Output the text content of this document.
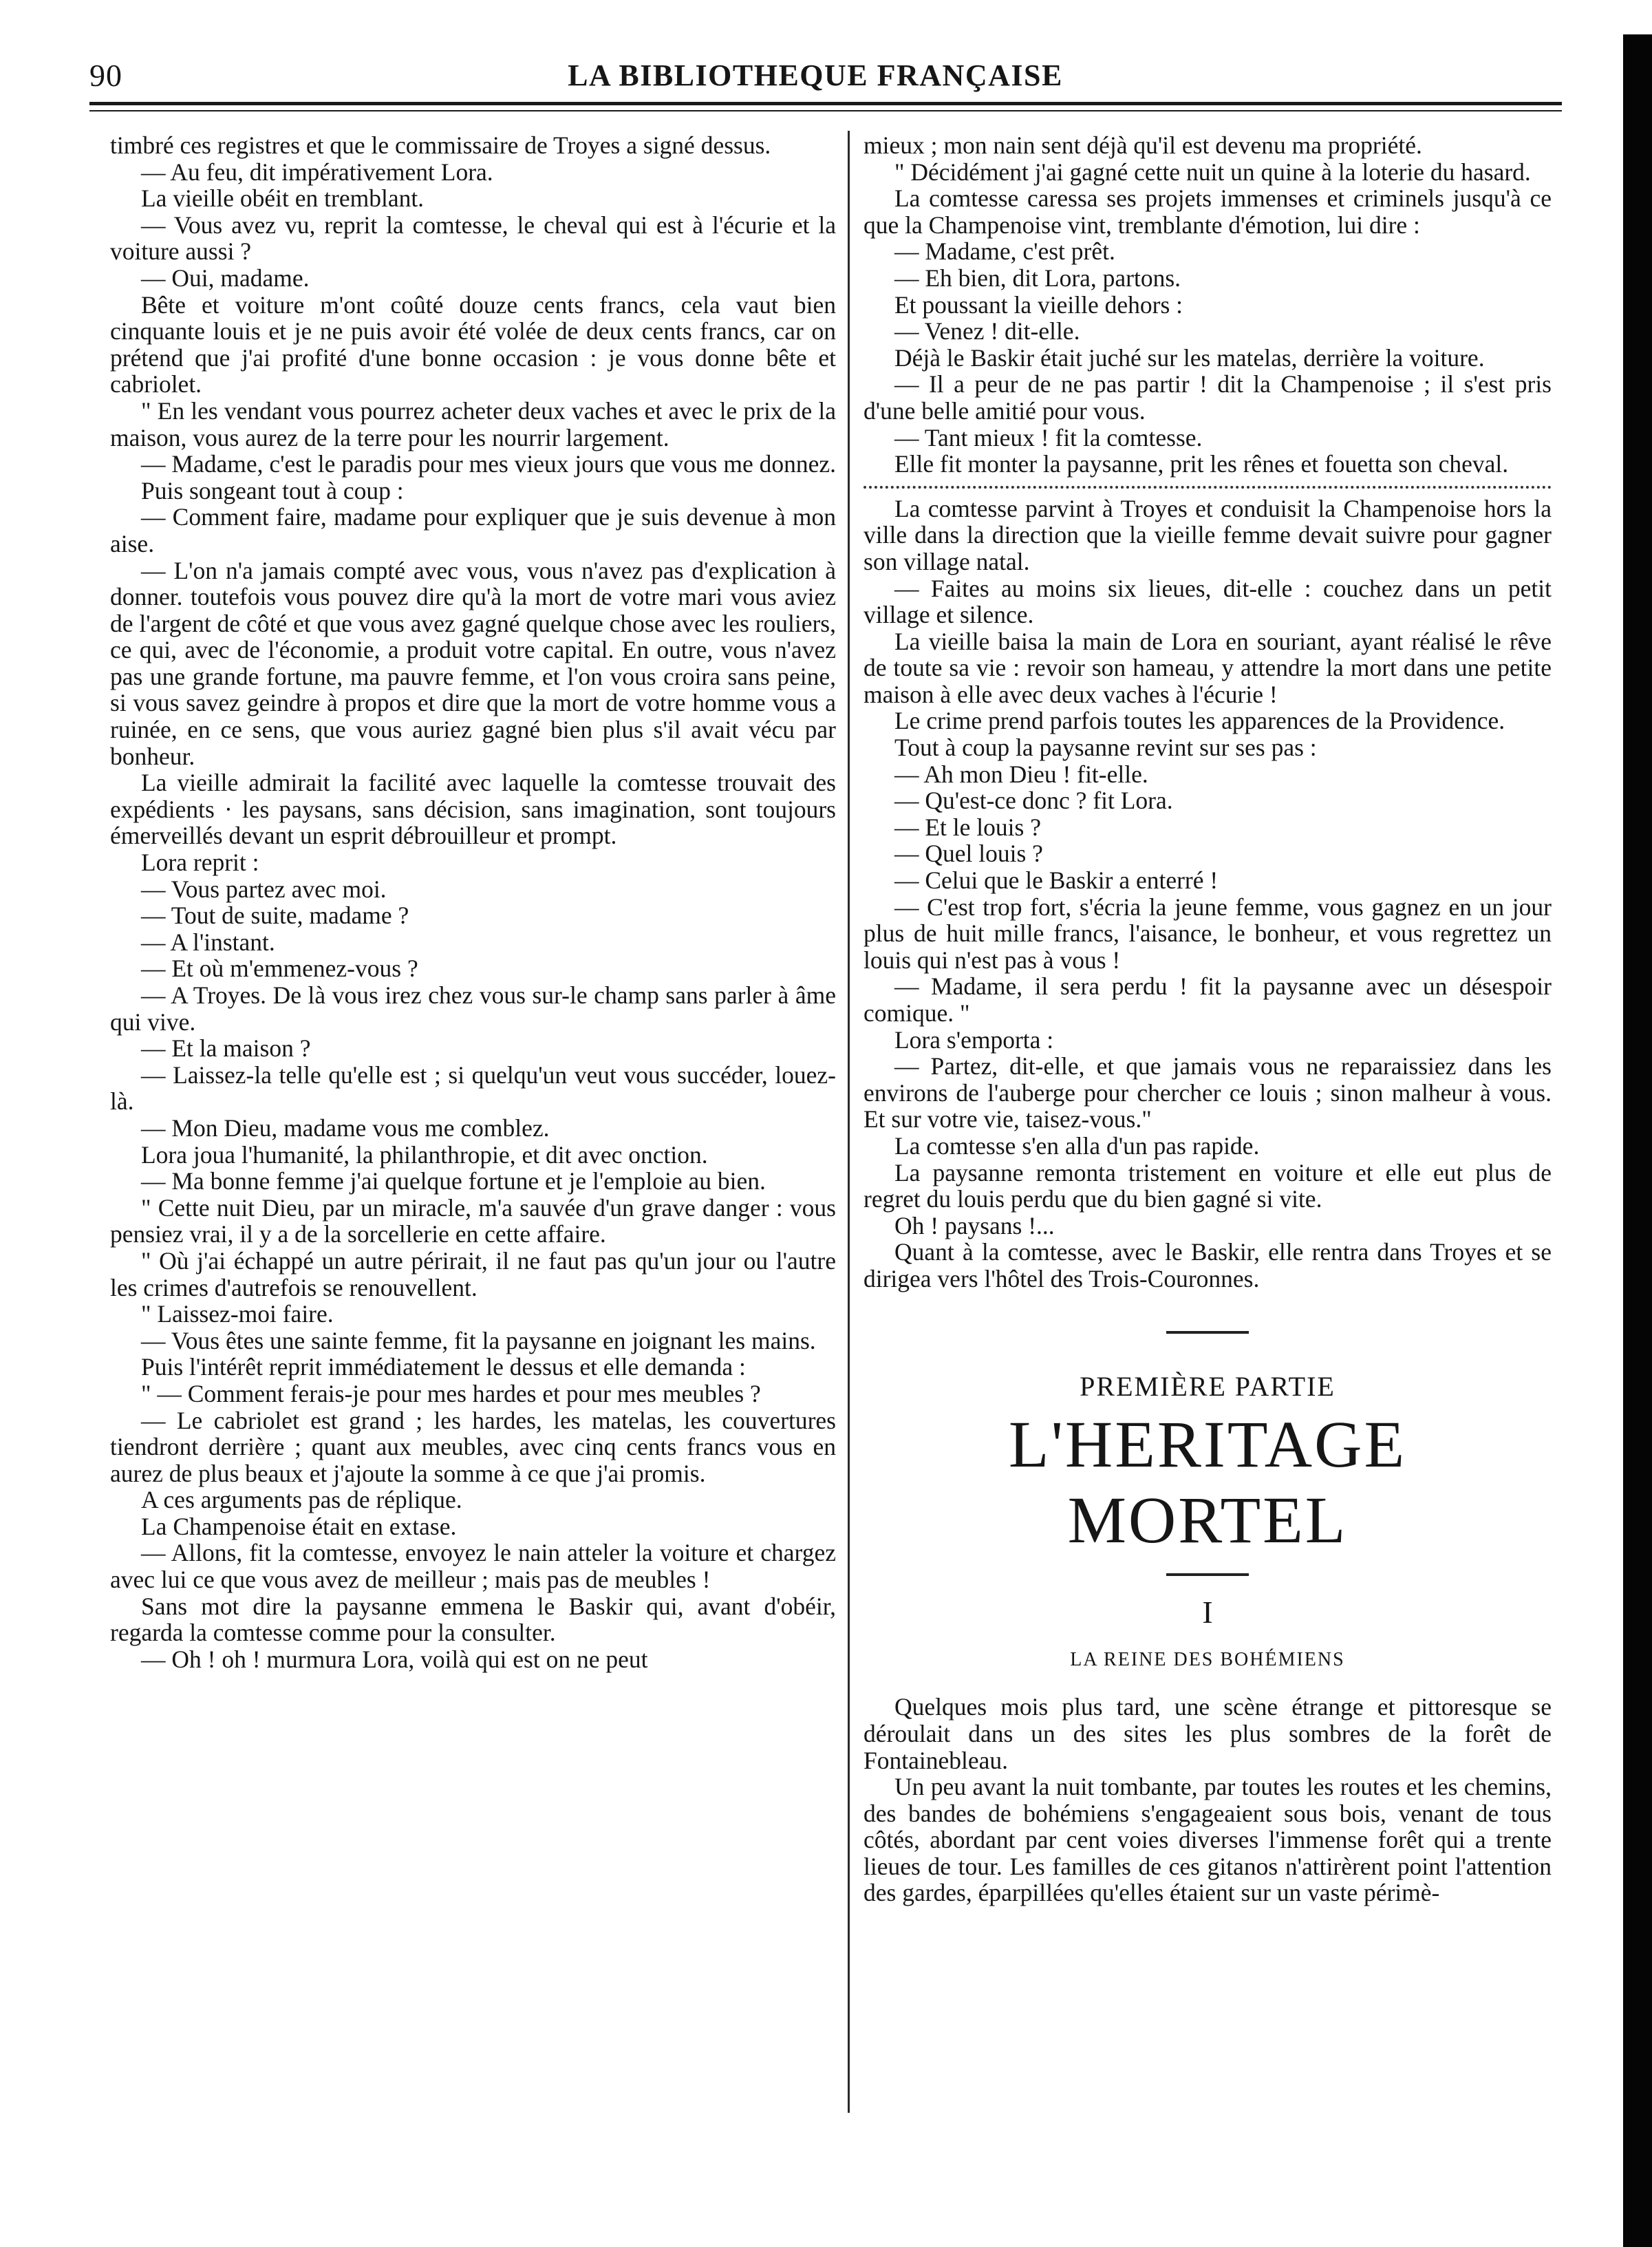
90	LA BIBLIOTHEQUE FRANÇAISE

timbré ces registres et que le commissaire de Troyes a signé dessus.

— Au feu, dit impérativement Lora.

La vieille obéit en tremblant.

— Vous avez vu, reprit la comtesse, le cheval qui est à l'écurie et la voiture aussi ?

— Oui, madame.

Bête et voiture m'ont coûté douze cents francs, cela vaut bien cinquante louis et je ne puis avoir été volée de deux cents francs, car on prétend que j'ai profité d'une bonne occasion : je vous donne bête et cabriolet.

" En les vendant vous pourrez acheter deux vaches et avec le prix de la maison, vous aurez de la terre pour les nourrir largement.

— Madame, c'est le paradis pour mes vieux jours que vous me donnez.

Puis songeant tout à coup :

— Comment faire, madame pour expliquer que je suis devenue à mon aise.

— L'on n'a jamais compté avec vous, vous n'avez pas d'explication à donner. toutefois vous pouvez dire qu'à la mort de votre mari vous aviez de l'argent de côté et que vous avez gagné quelque chose avec les rouliers, ce qui, avec de l'économie, a produit votre capital. En outre, vous n'avez pas une grande fortune, ma pauvre femme, et l'on vous croira sans peine, si vous savez geindre à propos et dire que la mort de votre homme vous a ruinée, en ce sens, que vous auriez gagné bien plus s'il avait vécu par bonheur.

La vieille admirait la facilité avec laquelle la comtesse trouvait des expédients · les paysans, sans décision, sans imagination, sont toujours émerveillés devant un esprit débrouilleur et prompt.

Lora reprit :

— Vous partez avec moi.

— Tout de suite, madame ?

— A l'instant.

— Et où m'emmenez-vous ?

— A Troyes. De là vous irez chez vous sur-le champ sans parler à âme qui vive.

— Et la maison ?

— Laissez-la telle qu'elle est ; si quelqu'un veut vous succéder, louez-là.

— Mon Dieu, madame vous me comblez.

Lora joua l'humanité, la philanthropie, et dit avec onction.

— Ma bonne femme j'ai quelque fortune et je l'emploie au bien.

" Cette nuit Dieu, par un miracle, m'a sauvée d'un grave danger : vous pensiez vrai, il y a de la sorcellerie en cette affaire.

" Où j'ai échappé un autre périrait, il ne faut pas qu'un jour ou l'autre les crimes d'autrefois se renouvellent.

" Laissez-moi faire.

— Vous êtes une sainte femme, fit la paysanne en joignant les mains.

Puis l'intérêt reprit immédiatement le dessus et elle demanda :

" — Comment ferais-je pour mes hardes et pour mes meubles ?

— Le cabriolet est grand ; les hardes, les matelas, les couvertures tiendront derrière ; quant aux meubles, avec cinq cents francs vous en aurez de plus beaux et j'ajoute la somme à ce que j'ai promis.

A ces arguments pas de réplique.

La Champenoise était en extase.

— Allons, fit la comtesse, envoyez le nain atteler la voiture et chargez avec lui ce que vous avez de meilleur ; mais pas de meubles !

Sans mot dire la paysanne emmena le Baskir qui, avant d'obéir, regarda la comtesse comme pour la consulter.

— Oh ! oh ! murmura Lora, voilà qui est on ne peut

mieux ; mon nain sent déjà qu'il est devenu ma propriété.

" Décidément j'ai gagné cette nuit un quine à la loterie du hasard.

La comtesse caressa ses projets immenses et criminels jusqu'à ce que la Champenoise vint, tremblante d'émotion, lui dire :

— Madame, c'est prêt.

— Eh bien, dit Lora, partons.

Et poussant la vieille dehors :

— Venez ! dit-elle.

Déjà le Baskir était juché sur les matelas, derrière la voiture.

— Il a peur de ne pas partir ! dit la Champenoise ; il s'est pris d'une belle amitié pour vous.

— Tant mieux ! fit la comtesse.

Elle fit monter la paysanne, prit les rênes et fouetta son cheval.

La comtesse parvint à Troyes et conduisit la Champenoise hors la ville dans la direction que la vieille femme devait suivre pour gagner son village natal.

— Faites au moins six lieues, dit-elle : couchez dans un petit village et silence.

La vieille baisa la main de Lora en souriant, ayant réalisé le rêve de toute sa vie : revoir son hameau, y attendre la mort dans une petite maison à elle avec deux vaches à l'écurie !

Le crime prend parfois toutes les apparences de la Providence.

Tout à coup la paysanne revint sur ses pas :

— Ah mon Dieu ! fit-elle.

— Qu'est-ce donc ? fit Lora.

— Et le louis ?

— Quel louis ?

— Celui que le Baskir a enterré !

— C'est trop fort, s'écria la jeune femme, vous gagnez en un jour plus de huit mille francs, l'aisance, le bonheur, et vous regrettez un louis qui n'est pas à vous !

— Madame, il sera perdu ! fit la paysanne avec un désespoir comique. "

Lora s'emporta :

— Partez, dit-elle, et que jamais vous ne reparaissiez dans les environs de l'auberge pour chercher ce louis ; sinon malheur à vous. Et sur votre vie, taisez-vous."

La comtesse s'en alla d'un pas rapide.

La paysanne remonta tristement en voiture et elle eut plus de regret du louis perdu que du bien gagné si vite.

Oh ! paysans !...

Quant à la comtesse, avec le Baskir, elle rentra dans Troyes et se dirigea vers l'hôtel des Trois-Couronnes.

PREMIÈRE PARTIE

L'HERITAGE MORTEL

I

LA REINE DES BOHÉMIENS

Quelques mois plus tard, une scène étrange et pittoresque se déroulait dans un des sites les plus sombres de la forêt de Fontainebleau.

Un peu avant la nuit tombante, par toutes les routes et les chemins, des bandes de bohémiens s'engageaient sous bois, venant de tous côtés, abordant par cent voies diverses l'immense forêt qui a trente lieues de tour. Les familles de ces gitanos n'attirèrent point l'attention des gardes, éparpillées qu'elles étaient sur un vaste périmè-
